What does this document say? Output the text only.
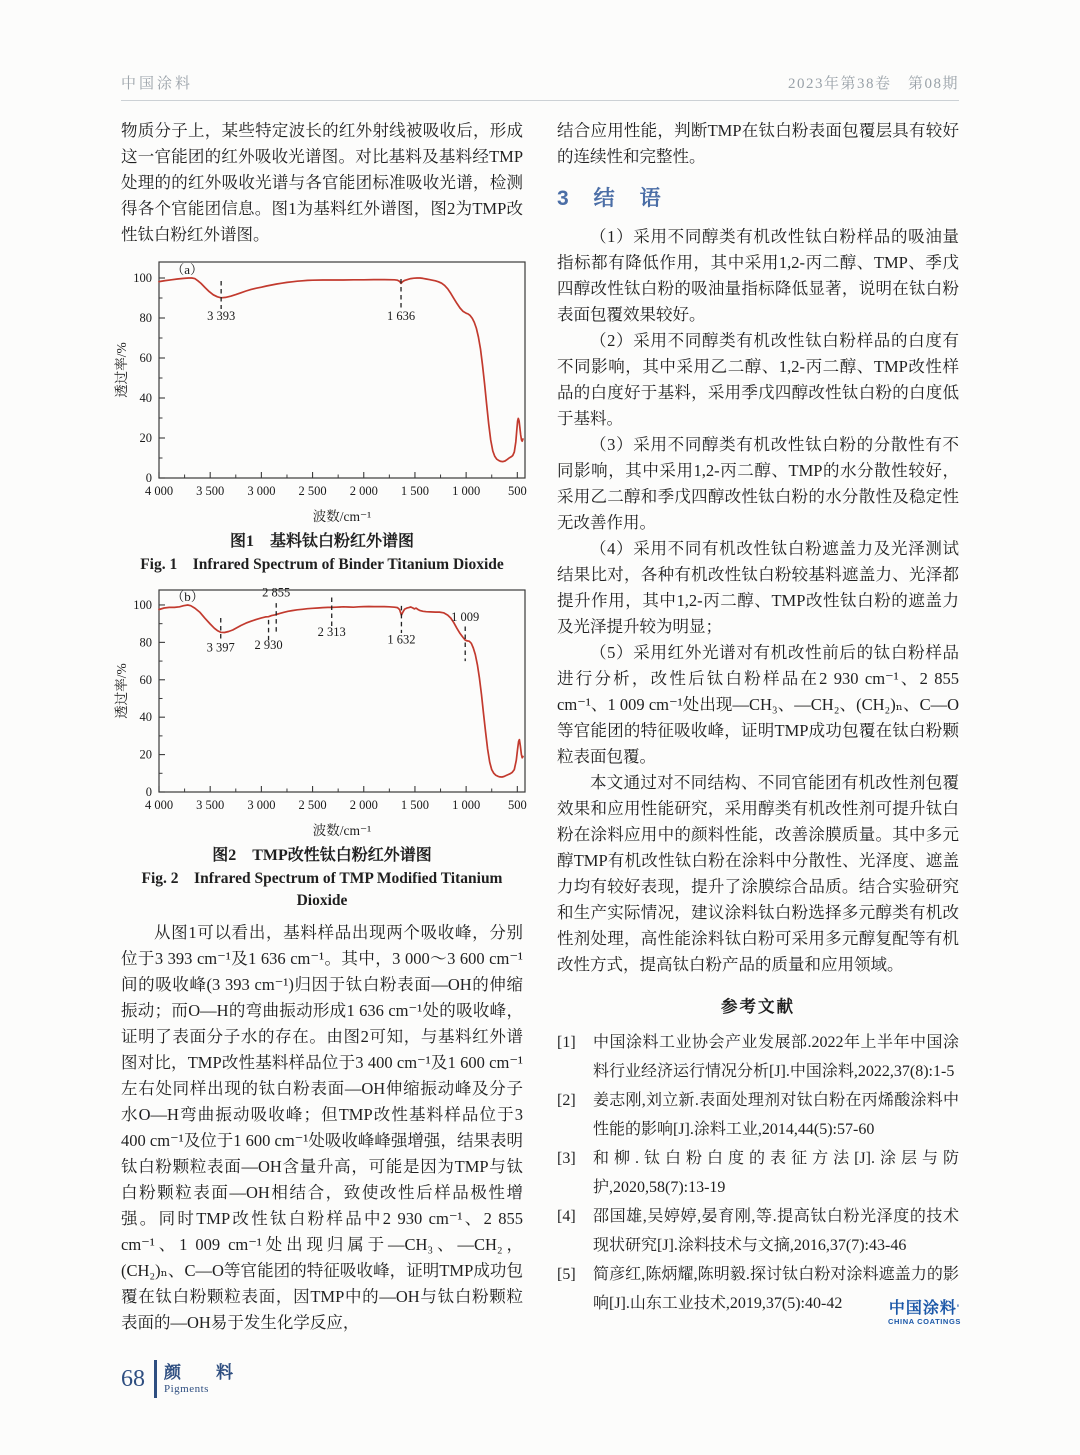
中国涂料	2023年第38卷　第08期

物质分子上，某些特定波长的红外射线被吸收后，形成这一官能团的红外吸收光谱图。对比基料及基料经TMP处理的的红外吸收光谱与各官能团标准吸收光谱，检测得各个官能团信息。图1为基料红外谱图，图2为TMP改性钛白粉红外谱图。

4 000 3 500 3 000 2 500 2 000 1 500 1 000 500
0
20
40
60
80
100
波数/cm⁻¹
透过率/%
3 393	1 636
（a）
图1　基料钛白粉红外谱图
Fig. 1　Infrared Spectrum of Binder Titanium Dioxide
4 000 3 500 3 000 2 500 2 000 1 500 1 000 500
0
20
40
60
80
100
波数/cm⁻¹
透过率/%
3 397 2 930
2 855
2 313
1 632
1 009
（b）
图2　TMP改性钛白粉红外谱图
Fig. 2　Infrared Spectrum of TMP Modified Titanium Dioxide

从图1可以看出，基料样品出现两个吸收峰，分别位于3 393 cm⁻¹及1 636 cm⁻¹。其中，3 000～3 600 cm⁻¹间的吸收峰(3 393 cm⁻¹)归因于钛白粉表面—OH的伸缩振动；而O—H的弯曲振动形成1 636 cm⁻¹处的吸收峰，证明了表面分子水的存在。由图2可知，与基料红外谱图对比，TMP改性基料样品位于3 400 cm⁻¹及1 600 cm⁻¹左右处同样出现的钛白粉表面—OH伸缩振动峰及分子水O—H弯曲振动吸收峰；但TMP改性基料样品位于3 400 cm⁻¹及位于1 600 cm⁻¹处吸收峰峰强增强，结果表明钛白粉颗粒表面—OH含量升高，可能是因为TMP与钛白粉颗粒表面—OH相结合，致使改性后样品极性增强。同时TMP改性钛白粉样品中2 930 cm⁻¹、2 855 cm⁻¹、1 009 cm⁻¹处出现归属于—CH₃、—CH₂，(CH₂)ₙ、C—O等官能团的特征吸收峰，证明TMP成功包覆在钛白粉颗粒表面，因TMP中的—OH与钛白粉颗粒表面的—OH易于发生化学反应，

结合应用性能，判断TMP在钛白粉表面包覆层具有较好的连续性和完整性。

3　结　语

（1）采用不同醇类有机改性钛白粉样品的吸油量指标都有降低作用，其中采用1,2-丙二醇、TMP、季戊四醇改性钛白粉的吸油量指标降低显著，说明在钛白粉表面包覆效果较好。

（2）采用不同醇类有机改性钛白粉样品的白度有不同影响，其中采用乙二醇、1,2-丙二醇、TMP改性样品的白度好于基料，采用季戊四醇改性钛白粉的白度低于基料。

（3）采用不同醇类有机改性钛白粉的分散性有不同影响，其中采用1,2-丙二醇、TMP的水分散性较好，采用乙二醇和季戊四醇改性钛白粉的水分散性及稳定性无改善作用。

（4）采用不同有机改性钛白粉遮盖力及光泽测试结果比对，各种有机改性钛白粉较基料遮盖力、光泽都提升作用，其中1,2-丙二醇、TMP改性钛白粉的遮盖力及光泽提升较为明显；

（5）采用红外光谱对有机改性前后的钛白粉样品进行分析，改性后钛白粉样品在2 930 cm⁻¹、2 855 cm⁻¹、1 009 cm⁻¹处出现—CH₃、—CH₂、(CH₂)ₙ、C—O等官能团的特征吸收峰，证明TMP成功包覆在钛白粉颗粒表面包覆。

本文通过对不同结构、不同官能团有机改性剂包覆效果和应用性能研究，采用醇类有机改性剂可提升钛白粉在涂料应用中的颜料性能，改善涂膜质量。其中多元醇TMP有机改性钛白粉在涂料中分散性、光泽度、遮盖力均有较好表现，提升了涂膜综合品质。结合实验研究和生产实际情况，建议涂料钛白粉选择多元醇类有机改性剂处理，高性能涂料钛白粉可采用多元醇复配等有机改性方式，提高钛白粉产品的质量和应用领域。

参考文献
[1]	中国涂料工业协会产业发展部.2022年上半年中国涂料行业经济运行情况分析[J].中国涂料,2022,37(8):1-5
[2]	姜志刚,刘立新.表面处理剂对钛白粉在丙烯酸涂料中性能的影响[J].涂料工业,2014,44(5):57-60
[3]	和柳.钛白粉白度的表征方法[J].涂层与防护,2020,58(7):13-19
[4]	邵国雄,吴婷婷,晏育刚,等.提高钛白粉光泽度的技术现状研究[J].涂料技术与文摘,2016,37(7):43-46
[5]	简彦红,陈炳耀,陈明毅.探讨钛白粉对涂料遮盖力的影响[J].山东工业技术,2019,37(5):40-42	中国涂料'
CHINA COATINGS
68 颜　料
Pigments
